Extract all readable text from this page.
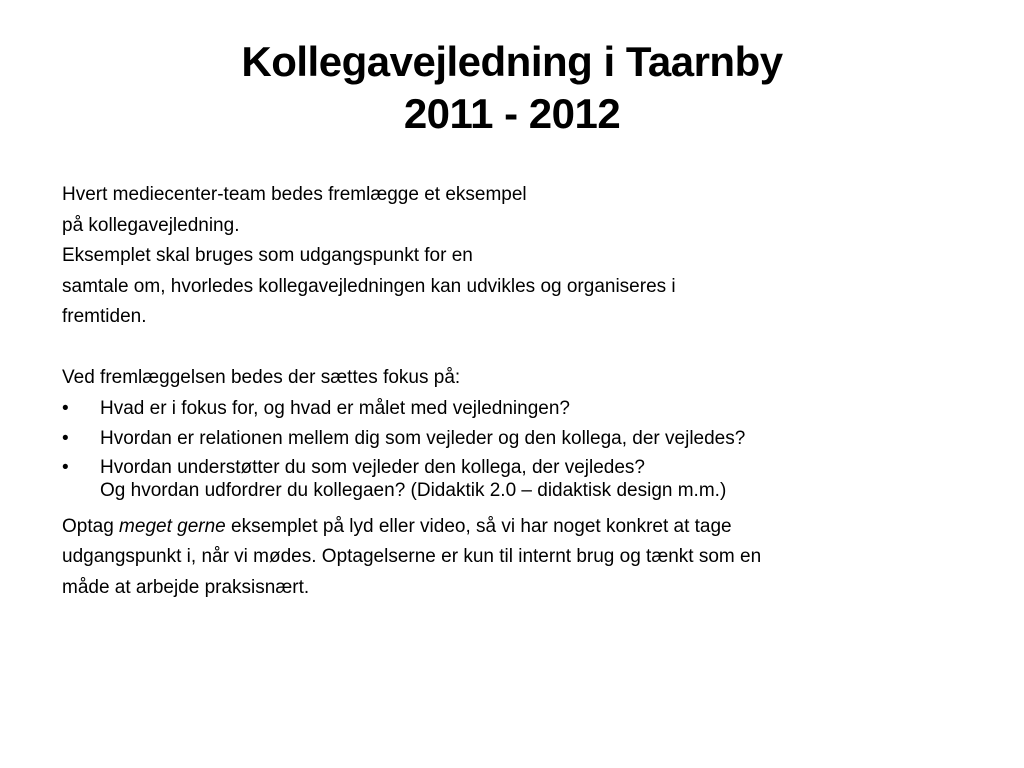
Kollegavejledning i Taarnby
2011 - 2012
Hvert mediecenter-team bedes fremlægge et eksempel
på kollegavejledning.
Eksemplet skal bruges som udgangspunkt for en
samtale om, hvorledes kollegavejledningen kan udvikles og organiseres i
fremtiden.
Ved fremlæggelsen bedes der sættes fokus på:
• Hvad er i fokus for, og hvad er målet med vejledningen?
• Hvordan er relationen mellem dig som vejleder og den kollega, der vejledes?
• Hvordan understøtter du som vejleder den kollega, der vejledes?
Og hvordan udfordrer du kollegaen? (Didaktik 2.0 – didaktisk design m.m.)
Optag meget gerne eksemplet på lyd eller video, så vi har noget konkret at tage
udgangspunkt i, når vi mødes. Optagelserne er kun til internt brug og tænkt som en
måde at arbejde praksisnært.
